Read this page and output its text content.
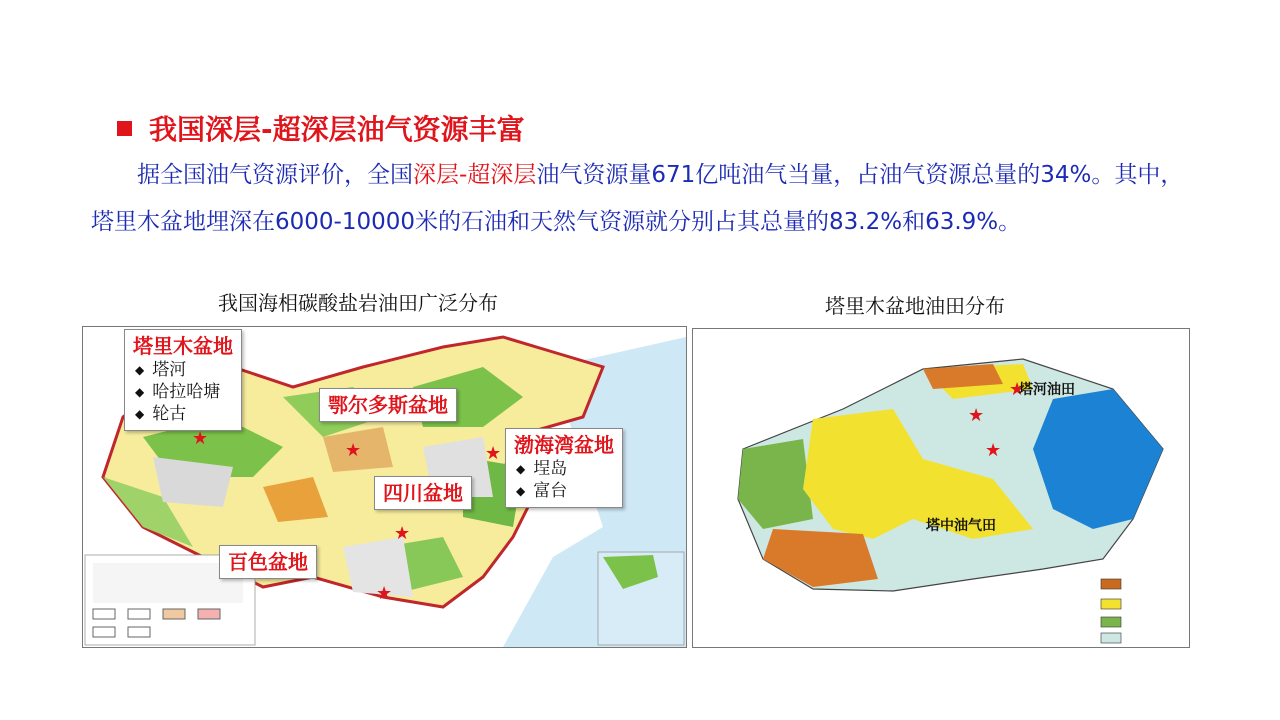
我国深层-超深层油气资源丰富
据全国油气资源评价，全国深层-超深层油气资源量671亿吨油气当量，占油气资源总量的34%。其中，塔里木盆地埋深在6000-10000米的石油和天然气资源就分别占其总量的83.2%和63.9%。
我国海相碳酸盐岩油田广泛分布	塔里木盆地油田分布
塔里木盆地
◆ 塔河
◆ 哈拉哈塘
◆ 轮古	鄂尔多斯盆地
渤海湾盆地
◆ 埕岛
◆ 富台
四川盆地
百色盆地
★
★	★
★
★
★
★
★
塔河油田
塔中油气田
